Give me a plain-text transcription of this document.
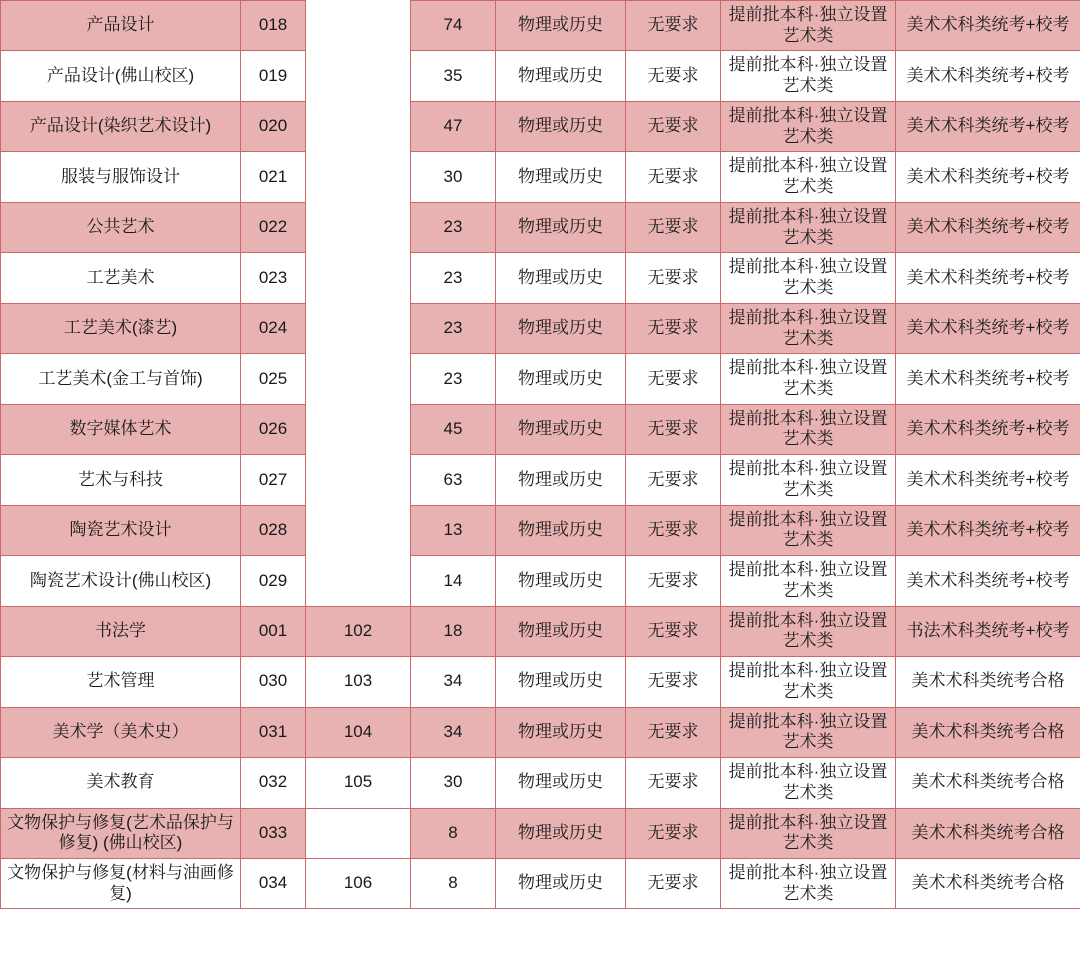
产品设计	018		74	物理或历史	无要求	提前批本科·独立设置艺术类	美术术科类统考+校考
产品设计(佛山校区)	019		35	物理或历史	无要求	提前批本科·独立设置艺术类	美术术科类统考+校考
产品设计(染织艺术设计)	020		47	物理或历史	无要求	提前批本科·独立设置艺术类	美术术科类统考+校考
服装与服饰设计	021		30	物理或历史	无要求	提前批本科·独立设置艺术类	美术术科类统考+校考
公共艺术	022		23	物理或历史	无要求	提前批本科·独立设置艺术类	美术术科类统考+校考
工艺美术	023		23	物理或历史	无要求	提前批本科·独立设置艺术类	美术术科类统考+校考
工艺美术(漆艺)	024		23	物理或历史	无要求	提前批本科·独立设置艺术类	美术术科类统考+校考
工艺美术(金工与首饰)	025		23	物理或历史	无要求	提前批本科·独立设置艺术类	美术术科类统考+校考
数字媒体艺术	026		45	物理或历史	无要求	提前批本科·独立设置艺术类	美术术科类统考+校考
艺术与科技	027		63	物理或历史	无要求	提前批本科·独立设置艺术类	美术术科类统考+校考
陶瓷艺术设计	028		13	物理或历史	无要求	提前批本科·独立设置艺术类	美术术科类统考+校考
陶瓷艺术设计(佛山校区)	029		14	物理或历史	无要求	提前批本科·独立设置艺术类	美术术科类统考+校考
书法学	001	102	18	物理或历史	无要求	提前批本科·独立设置艺术类	书法术科类统考+校考
艺术管理	030	103	34	物理或历史	无要求	提前批本科·独立设置艺术类	美术术科类统考合格
美术学（美术史）	031	104	34	物理或历史	无要求	提前批本科·独立设置艺术类	美术术科类统考合格
美术教育	032	105	30	物理或历史	无要求	提前批本科·独立设置艺术类	美术术科类统考合格
文物保护与修复(艺术品保护与修复) (佛山校区)	033		8	物理或历史	无要求	提前批本科·独立设置艺术类	美术术科类统考合格
文物保护与修复(材料与油画修复)	034	106	8	物理或历史	无要求	提前批本科·独立设置艺术类	美术术科类统考合格
